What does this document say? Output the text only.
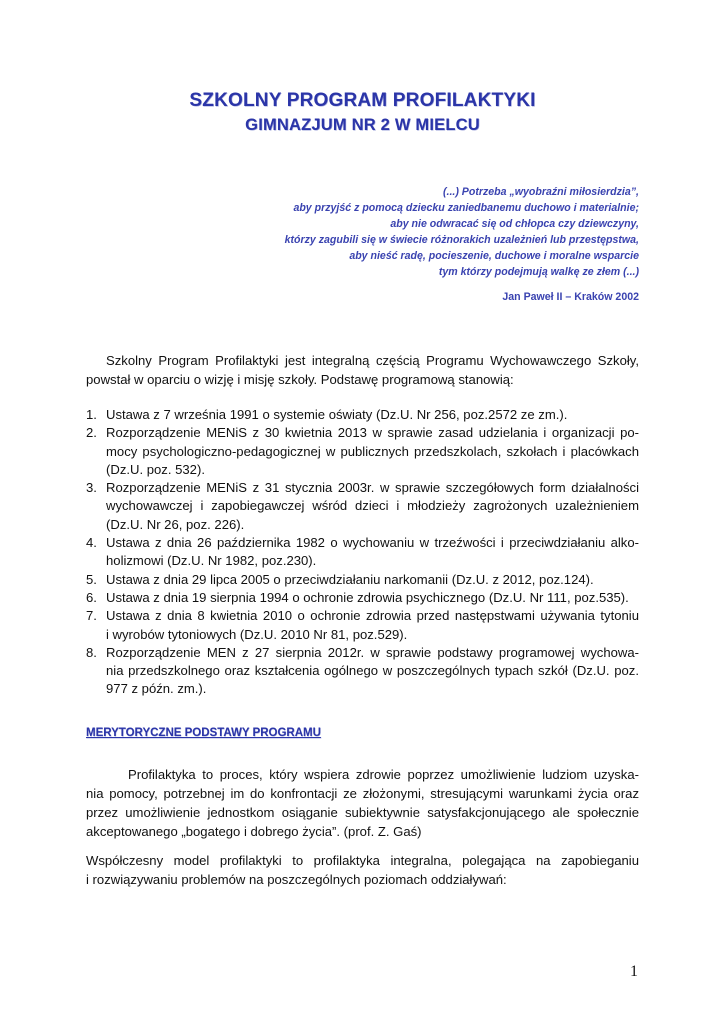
SZKOLNY PROGRAM PROFILAKTYKI
GIMNAZJUM NR 2 W MIELCU
(...) Potrzeba „wyobraźni miłosierdzia”,
aby przyjść z pomocą dziecku zaniedbanemu duchowo i materialnie;
aby nie odwracać się od chłopca czy dziewczyny,
którzy zagubili się w świecie różnorakich uzależnień lub przestępstwa,
aby nieść radę, pocieszenie, duchowe i moralne wsparcie
tym którzy podejmują walkę ze złem (...)
Jan Paweł II – Kraków 2002
Szkolny Program Profilaktyki jest integralną częścią Programu Wychowawczego Szkoły,
powstał w oparciu o wizję i misję szkoły. Podstawę programową stanowią:
1. Ustawa z 7 września 1991 o systemie oświaty (Dz.U. Nr 256, poz.2572 ze zm.).
2. Rozporządzenie MENiS z 30 kwietnia 2013 w sprawie zasad udzielania i organizacji po-
mocy psychologiczno-pedagogicznej w publicznych przedszkolach, szkołach i placówkach
(Dz.U. poz. 532).
3. Rozporządzenie MENiS z 31 stycznia 2003r. w sprawie szczegółowych form działalności
wychowawczej i zapobiegawczej wśród dzieci i młodzieży zagrożonych uzależnieniem
(Dz.U. Nr 26, poz. 226).
4. Ustawa z dnia 26 października 1982 o wychowaniu w trzeźwości i przeciwdziałaniu alko-
holizmowi (Dz.U. Nr 1982, poz.230).
5. Ustawa z dnia 29 lipca 2005 o przeciwdziałaniu narkomanii (Dz.U. z 2012, poz.124).
6. Ustawa z dnia 19 sierpnia 1994 o ochronie zdrowia psychicznego (Dz.U. Nr 111, poz.535).
7. Ustawa z dnia 8 kwietnia 2010 o ochronie zdrowia przed następstwami używania tytoniu
i wyrobów tytoniowych (Dz.U. 2010 Nr 81, poz.529).
8. Rozporządzenie MEN z 27 sierpnia 2012r. w sprawie podstawy programowej wychowa-
nia przedszkolnego oraz kształcenia ogólnego w poszczególnych typach szkół (Dz.U. poz.
977 z późn. zm.).
MERYTORYCZNE PODSTAWY PROGRAMU
Profilaktyka to proces, który wspiera zdrowie poprzez umożliwienie ludziom uzyska-
nia pomocy, potrzebnej im do konfrontacji ze złożonymi, stresującymi warunkami życia oraz
przez umożliwienie jednostkom osiąganie subiektywnie satysfakcjonującego ale społecznie
akceptowanego „bogatego i dobrego życia”. (prof. Z. Gaś)
Współczesny model profilaktyki to profilaktyka integralna, polegająca na zapobieganiu
i rozwiązywaniu problemów na poszczególnych poziomach oddziaływań:
1
